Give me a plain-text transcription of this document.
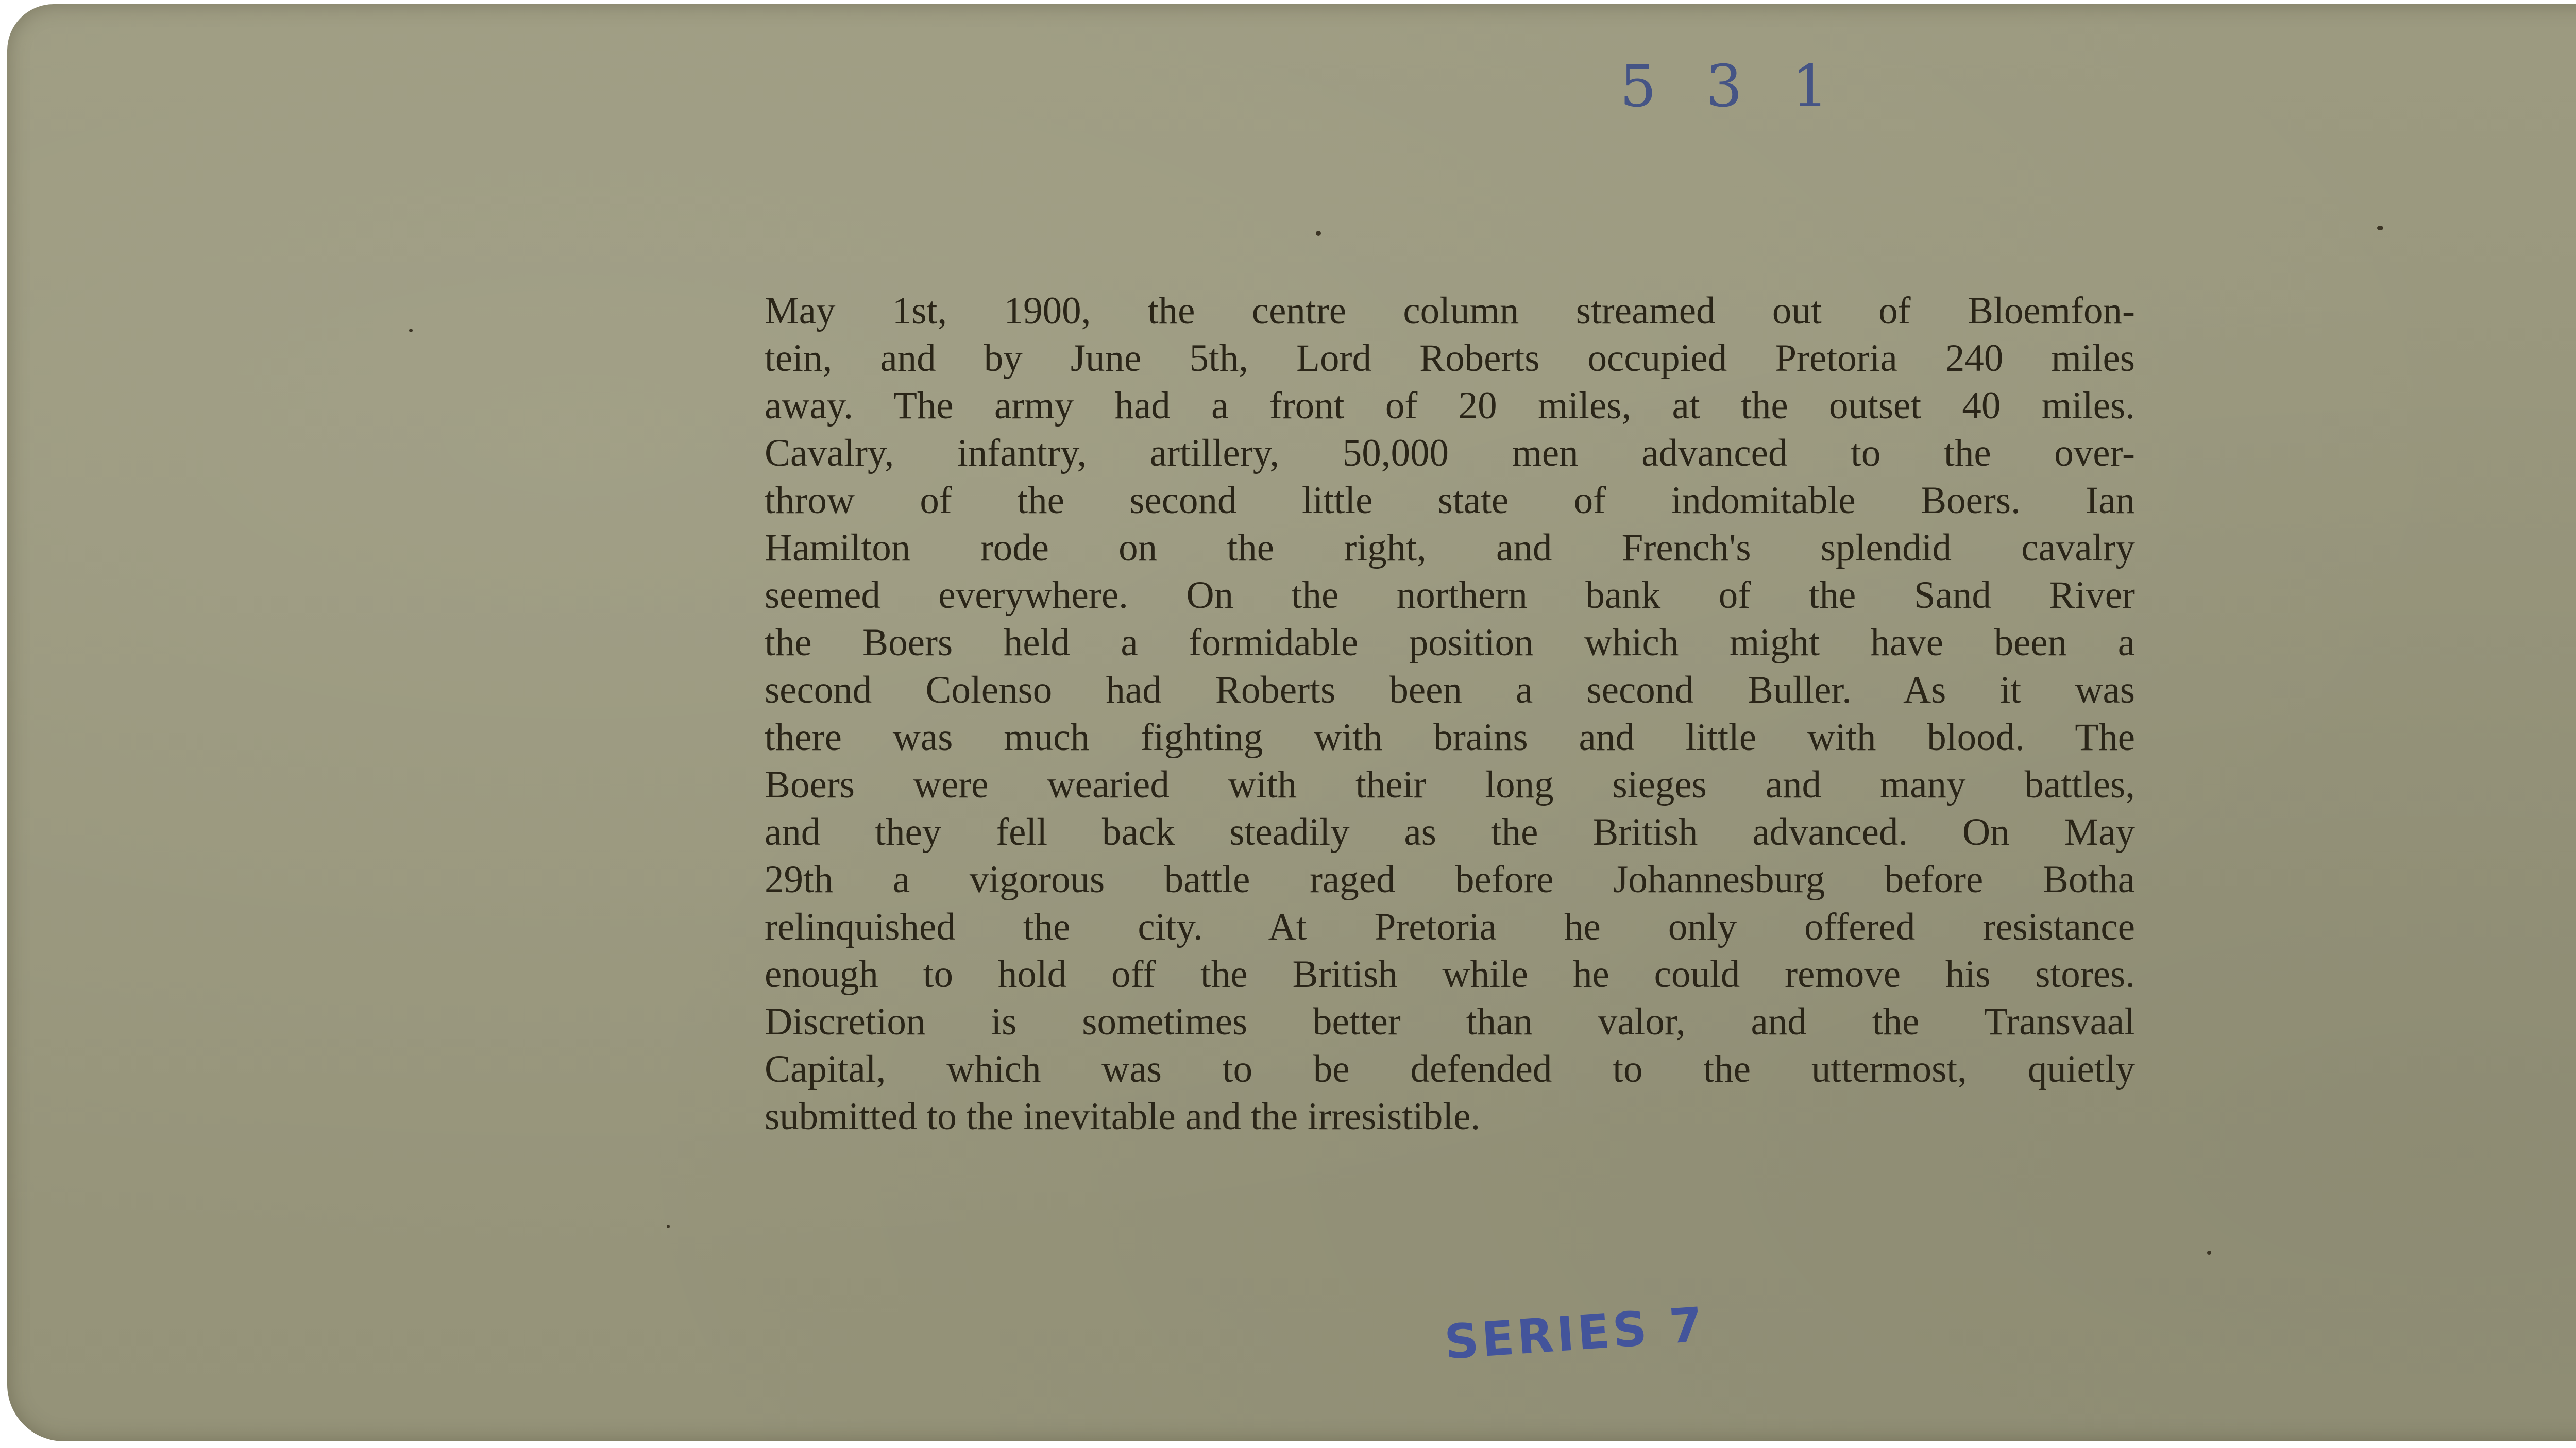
5 3 1
May 1st, 1900, the centre column streamed out of Bloemfon-
tein, and by June 5th, Lord Roberts occupied Pretoria 240 miles
away. The army had a front of 20 miles, at the outset 40 miles.
Cavalry, infantry, artillery, 50,000 men advanced to the over-
throw of the second little state of indomitable Boers. Ian
Hamilton rode on the right, and French's splendid cavalry
seemed everywhere. On the northern bank of the Sand River
the Boers held a formidable position which might have been a
second Colenso had Roberts been a second Buller. As it was
there was much fighting with brains and little with blood. The
Boers were wearied with their long sieges and many battles,
and they fell back steadily as the British advanced. On May
29th a vigorous battle raged before Johannesburg before Botha
relinquished the city. At Pretoria he only offered resistance
enough to hold off the British while he could remove his stores.
Discretion is sometimes better than valor, and the Transvaal
Capital, which was to be defended to the uttermost, quietly
submitted to the inevitable and the irresistible.
SERIES 7
